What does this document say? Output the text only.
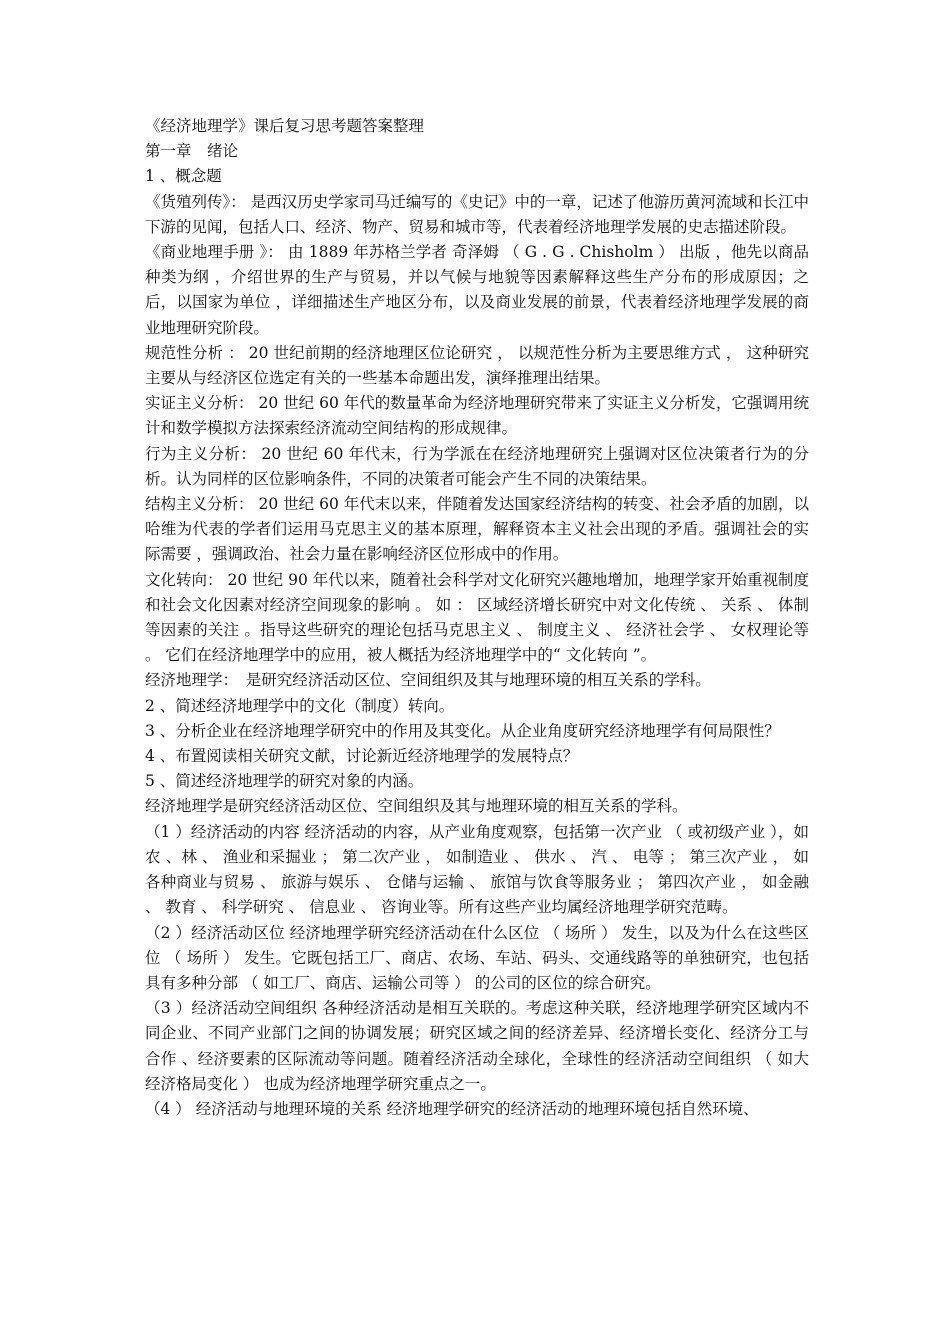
《经济地理学》课后复习思考题答案整理

第一章　绪论

1 、概念题

《货殖列传》： 是西汉历史学家司马迁编写的《史记》中的一章，记述了他游历黄河流域和长江中下游的见闻，包括人口、经济、物产、贸易和城市等，代表着经济地理学发展的史志描述阶段。

《商业地理手册 》： 由 1889 年苏格兰学者 奇泽姆 （ G . G . Chisholm ） 出版 ，他先以商品种类为纲 ，介绍世界的生产与贸易，并以气候与地貌等因素解释这些生产分布的形成原因；之后，以国家为单位 ，详细描述生产地区分布，以及商业发展的前景，代表着经济地理学发展的商业地理研究阶段。

规范性分析 ： 20 世纪前期的经济地理区位论研究 ， 以规范性分析为主要思维方式 ， 这种研究主要从与经济区位选定有关的一些基本命题出发，演绎推理出结果。

实证主义分析： 20 世纪 60 年代的数量革命为经济地理研究带来了实证主义分析发，它强调用统计和数学模拟方法探索经济流动空间结构的形成规律。

行为主义分析： 20 世纪 60 年代末，行为学派在在经济地理研究上强调对区位决策者行为的分析。认为同样的区位影响条件，不同的决策者可能会产生不同的决策结果。

结构主义分析： 20 世纪 60 年代末以来，伴随着发达国家经济结构的转变、社会矛盾的加剧，以哈维为代表的学者们运用马克思主义的基本原理，解释资本主义社会出现的矛盾。强调社会的实际需要 ，强调政治、社会力量在影响经济区位形成中的作用。

文化转向： 20 世纪 90 年代以来，随着社会科学对文化研究兴趣地增加，地理学家开始重视制度和社会文化因素对经济空间现象的影响 。 如 ： 区域经济增长研究中对文化传统 、 关系 、 体制等因素的关注 。指导这些研究的理论包括马克思主义 、 制度主义 、 经济社会学 、 女权理论等 。 它们在经济地理学中的应用，被人概括为经济地理学中的“ 文化转向 ”。

经济地理学：　是研究经济活动区位、空间组织及其与地理环境的相互关系的学科。

2 、简述经济地理学中的文化（制度）转向。

3 、分析企业在经济地理学研究中的作用及其变化。从企业角度研究经济地理学有何局限性？

4 、布置阅读相关研究文献，讨论新近经济地理学的发展特点？

5 、简述经济地理学的研究对象的内涵。

经济地理学是研究经济活动区位、空间组织及其与地理环境的相互关系的学科。

（1 ）经济活动的内容 经济活动的内容，从产业角度观察，包括第一次产业 （ 或初级产业 ），如农 、林 、 渔业和采掘业 ； 第二次产业 ， 如制造业 、 供水 、 汽 、 电等 ； 第三次产业 ， 如各种商业与贸易 、 旅游与娱乐 、 仓储与运输 、 旅馆与饮食等服务业 ； 第四次产业 ， 如金融 、 教育 、 科学研究 、 信息业 、 咨询业等。所有这些产业均属经济地理学研究范畴。

（2 ）经济活动区位 经济地理学研究经济活动在什么区位 （ 场所 ） 发生，以及为什么在这些区位 （ 场所 ） 发生。它既包括工厂、商店、农场、车站、码头、交通线路等的单独研究，也包括具有多种分部 （ 如工厂、商店、运输公司等 ） 的公司的区位的综合研究。

（3 ）经济活动空间组织 各种经济活动是相互关联的。考虑这种关联，经济地理学研究区域内不同企业、不同产业部门之间的协调发展；研究区域之间的经济差异、经济增长变化、经济分工与合作 、经济要素的区际流动等问题。随着经济活动全球化，全球性的经济活动空间组织 （ 如大经济格局变化 ） 也成为经济地理学研究重点之一。

（4 ） 经济活动与地理环境的关系 经济地理学研究的经济活动的地理环境包括自然环境、
